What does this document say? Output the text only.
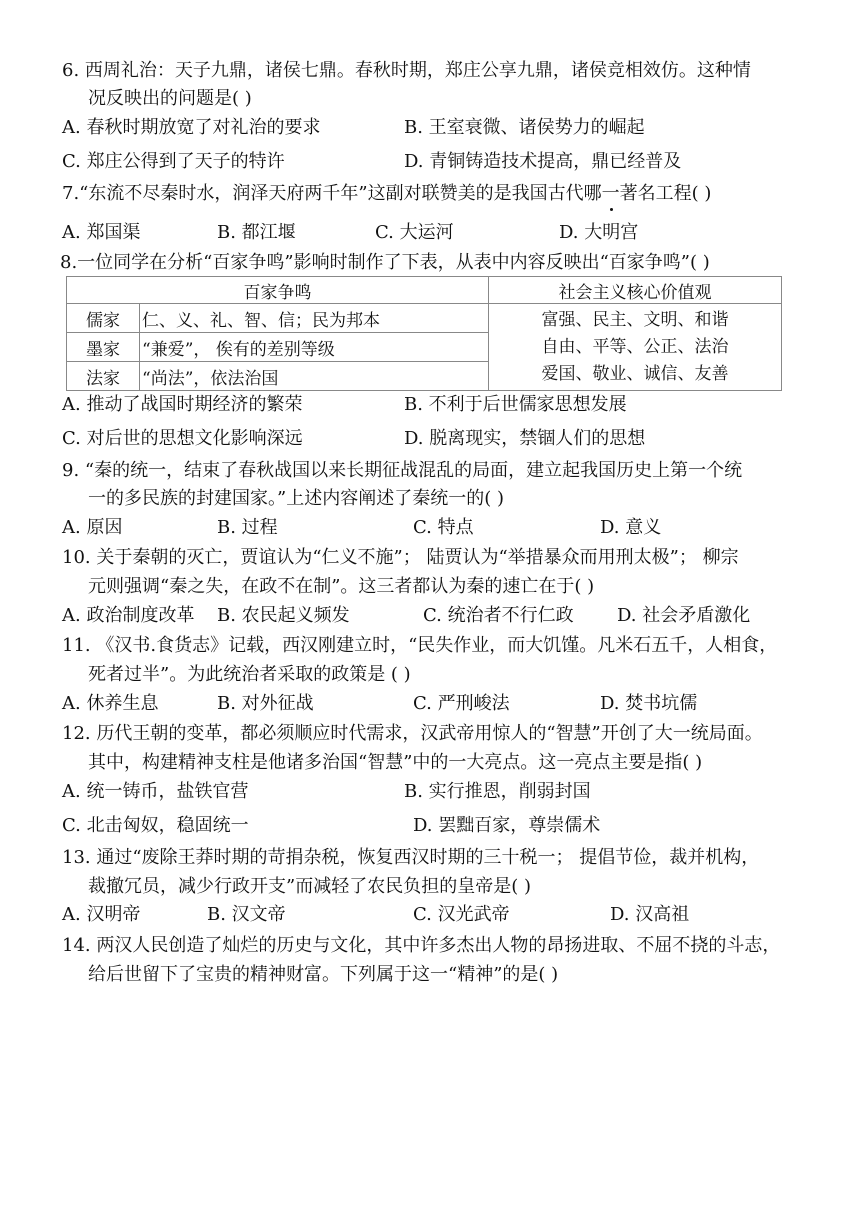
6. 西周礼治：天子九鼎，诸侯七鼎。春秋时期，郑庄公享九鼎，诸侯竞相效仿。这种情
况反映出的问题是( )
A. 春秋时期放宽了对礼治的要求	B. 王室衰微、诸侯势力的崛起
C. 郑庄公得到了天子的特许	D. 青铜铸造技术提高，鼎已经普及
7.“东流不尽秦时水，润泽天府两千年”这副对联赞美的是我国古代哪一
著名工程( )
A. 郑国渠	B. 都江堰	C. 大运河	D. 大明宫
8.一位同学在分析“百家争鸣”影响时制作了下表，从表中内容反映出“百家争鸣”( )
百家争鸣		社会主义核心价值观
儒家	仁、义、礼、智、信；民为邦本	富强、民主、文明、和谐
自由、平等、公正、法治
爱国、敬业、诚信、友善

墨家	“兼爱”， 俟有的差别等级	
法家	“尚法”，依法治国	
A. 推动了战国时期经济的繁荣	B. 不利于后世儒家思想发展
C. 对后世的思想文化影响深远	D. 脱离现实，禁锢人们的思想
9. “秦的统一，结束了春秋战国以来长期征战混乱的局面，建立起我国历史上第一个统
一的多民族的封建国家。”上述内容阐述了秦统一的( )
A. 原因	B. 过程	C. 特点	D. 意义
10. 关于秦朝的灭亡，贾谊认为“仁义不施”； 陆贾认为“举措暴众而用刑太极”； 柳宗
元则强调“秦之失，在政不在制”。这三者都认为秦的速亡在于( )
A. 政治制度改革 B. 农民起义频发	C. 统治者不行仁政 D. 社会矛盾激化
11. 《汉书.食货志》记载，西汉刚建立时，“民失作业，而大饥馑。凡米石五千，人相食，
死者过半”。为此统治者采取的政策是 ( )
A. 休养生息	B. 对外征战	C. 严刑峻法	D. 焚书坑儒
12. 历代王朝的变革，都必须顺应时代需求，汉武帝用惊人的“智慧”开创了大一统局面。
其中，构建精神支柱是他诸多治国“智慧”中的一大亮点。这一亮点主要是指( )
A. 统一铸币，盐铁官营	B. 实行推恩，削弱封国
C. 北击匈奴，稳固统一	D. 罢黜百家，尊崇儒术
13. 通过“废除王莽时期的苛捐杂税，恢复西汉时期的三十税一； 提倡节俭，裁并机构，
裁撤冗员，减少行政开支”而减轻了农民负担的皇帝是( )
A. 汉明帝	B. 汉文帝	C. 汉光武帝	D. 汉高祖
14. 两汉人民创造了灿烂的历史与文化，其中许多杰出人物的昂扬进取、不屈不挠的斗志，
给后世留下了宝贵的精神财富。下列属于这一“精神”的是( )
